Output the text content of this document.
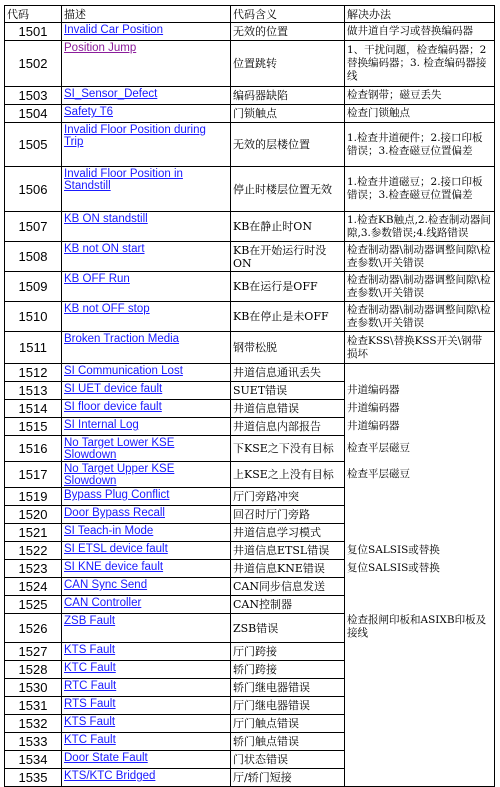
代码	描述	代码含义	解决办法
1501	Invalid Car Position	无效的位置	做井道自学习或替换编码器
1502	Position Jump	位置跳转	1、干扰问题，检查编码器；2替换编码器；3. 检查编码器接线
1503	SI_Sensor_Defect	编码器缺陷	检查钢带；磁豆丢失
1504	Safety T6	门锁触点	检查门锁触点
1505	Invalid Floor Position during Trip	无效的层楼位置	1.检查井道硬件；2.接口印板错误；3.检查磁豆位置偏差
1506	Invalid Floor Position in Standstill	停止时楼层位置无效	1.检查井道磁豆；2.接口印板错误；3.检查磁豆位置偏差
1507	KB ON standstill	KB在静止时ON	1.检查KB触点,2.检查制动器间隙,3.参数错误;4.线路错误
1508	KB not ON start	KB在开始运行时没ON	检查制动器\制动器调整间隙\检查参数\开关错误
1509	KB OFF Run	KB在运行是OFF	检查制动器\制动器调整间隙\检查参数\开关错误
1510	KB not OFF stop	KB在停止是未OFF	检查制动器\制动器调整间隙\检查参数\开关错误
1511	Broken Traction Media	钢带松脱	检查KSS\替换KSS开关\钢带损坏
1512	SI Communication Lost	井道信息通讯丢失	
1513	SI UET device fault	SUET错误	井道编码器
1514	SI floor device fault	井道信息错误	井道编码器
1515	SI Internal Log	井道信息内部报告	井道编码器
1516	No Target Lower KSE Slowdown	下KSE之下没有目标	检查平层磁豆
1517	No Target Upper KSE Slowdown	上KSE之上没有目标	检查平层磁豆
1519	Bypass Plug Conflict	厅门旁路冲突	
1520	Door Bypass Recall	回召时厅门旁路	
1521	SI Teach-in Mode	井道信息学习模式	
1522	SI ETSL device fault	井道信息ETSL错误	复位SALSIS或替换
1523	SI KNE device fault	井道信息KNE错误	复位SALSIS或替换
1524	CAN Sync Send	CAN同步信息发送	
1525	CAN Controller	CAN控制器	
1526	ZSB Fault	ZSB错误	检查报闸印板和ASIXB印板及接线
1527	KTS Fault	厅门跨接	
1528	KTC Fault	轿门跨接	
1530	RTC Fault	轿门继电器错误	
1531	RTS Fault	厅门继电器错误	
1532	KTS Fault	厅门触点错误	
1533	KTC Fault	轿门触点错误	
1534	Door State Fault	门状态错误	
1535	KTS/KTC Bridged	厅/轿门短接	
